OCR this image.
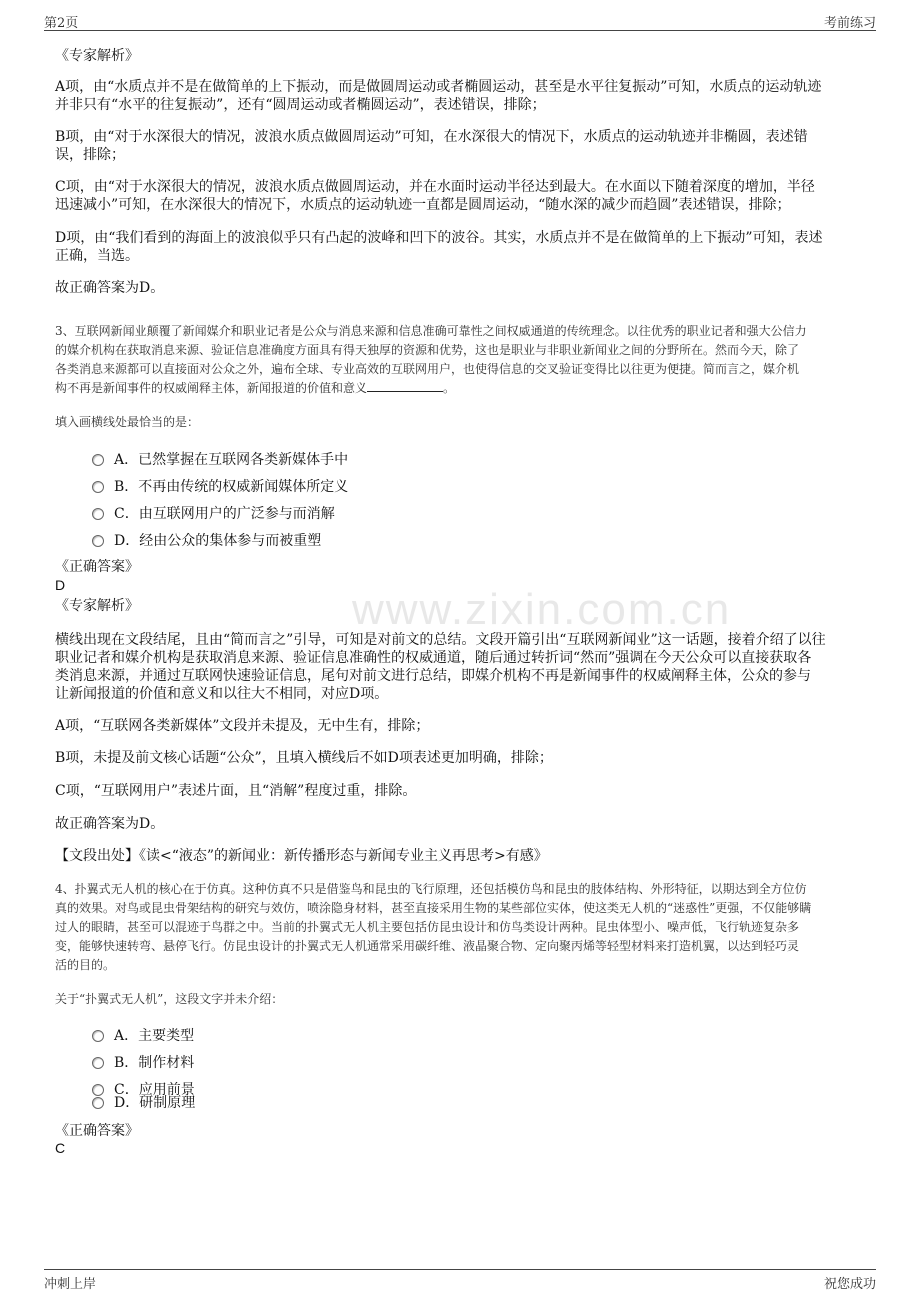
第2页	考前练习
www.zixin.com.cn
《专家解析》
A项，由“水质点并不是在做简单的上下振动，而是做圆周运动或者椭圆运动，甚至是水平往复振动”可知，水质点的运动轨迹
并非只有“水平的往复振动”，还有“圆周运动或者椭圆运动”，表述错误，排除；
B项，由“对于水深很大的情况，波浪水质点做圆周运动”可知，在水深很大的情况下，水质点的运动轨迹并非椭圆，表述错
误，排除；
C项，由“对于水深很大的情况，波浪水质点做圆周运动，并在水面时运动半径达到最大。在水面以下随着深度的增加，半径
迅速减小”可知，在水深很大的情况下，水质点的运动轨迹一直都是圆周运动，“随水深的减少而趋圆”表述错误，排除；
D项，由“我们看到的海面上的波浪似乎只有凸起的波峰和凹下的波谷。其实，水质点并不是在做简单的上下振动”可知，表述
正确，当选。
故正确答案为D。
3、互联网新闻业颠覆了新闻媒介和职业记者是公众与消息来源和信息准确可靠性之间权威通道的传统理念。以往优秀的职业记者和强大公信力
的媒介机构在获取消息来源、验证信息准确度方面具有得天独厚的资源和优势，这也是职业与非职业新闻业之间的分野所在。然而今天，除了
各类消息来源都可以直接面对公众之外，遍布全球、专业高效的互联网用户，也使得信息的交叉验证变得比以往更为便捷。简而言之，媒介机
构不再是新闻事件的权威阐释主体，新闻报道的价值和意义	。
填入画横线处最恰当的是：
A．已然掌握在互联网各类新媒体手中
B．不再由传统的权威新闻媒体所定义
C．由互联网用户的广泛参与而消解
D．经由公众的集体参与而被重塑
《正确答案》
D
《专家解析》
横线出现在文段结尾，且由“简而言之”引导，可知是对前文的总结。文段开篇引出“互联网新闻业”这一话题，接着介绍了以往
职业记者和媒介机构是获取消息来源、验证信息准确性的权威通道，随后通过转折词“然而”强调在今天公众可以直接获取各
类消息来源，并通过互联网快速验证信息，尾句对前文进行总结，即媒介机构不再是新闻事件的权威阐释主体，公众的参与
让新闻报道的价值和意义和以往大不相同，对应D项。
A项，“互联网各类新媒体”文段并未提及，无中生有，排除；
B项，未提及前文核心话题“公众”，且填入横线后不如D项表述更加明确，排除；
C项，“互联网用户”表述片面，且“消解”程度过重，排除。
故正确答案为D。
【文段出处】《读<“液态”的新闻业：新传播形态与新闻专业主义再思考>有感》
4、扑翼式无人机的核心在于仿真。这种仿真不只是借鉴鸟和昆虫的飞行原理，还包括模仿鸟和昆虫的肢体结构、外形特征，以期达到全方位仿
真的效果。对鸟或昆虫骨架结构的研究与效仿，喷涂隐身材料，甚至直接采用生物的某些部位实体，使这类无人机的“迷惑性”更强，不仅能够瞒
过人的眼睛，甚至可以混迹于鸟群之中。当前的扑翼式无人机主要包括仿昆虫设计和仿鸟类设计两种。昆虫体型小、噪声低，飞行轨迹复杂多
变，能够快速转弯、悬停飞行。仿昆虫设计的扑翼式无人机通常采用碳纤维、液晶聚合物、定向聚丙烯等轻型材料来打造机翼，以达到轻巧灵
活的目的。
关于“扑翼式无人机”，这段文字并未介绍：
A．主要类型
B．制作材料
C．应用前景
D．研制原理
《正确答案》
C
冲刺上岸	祝您成功
